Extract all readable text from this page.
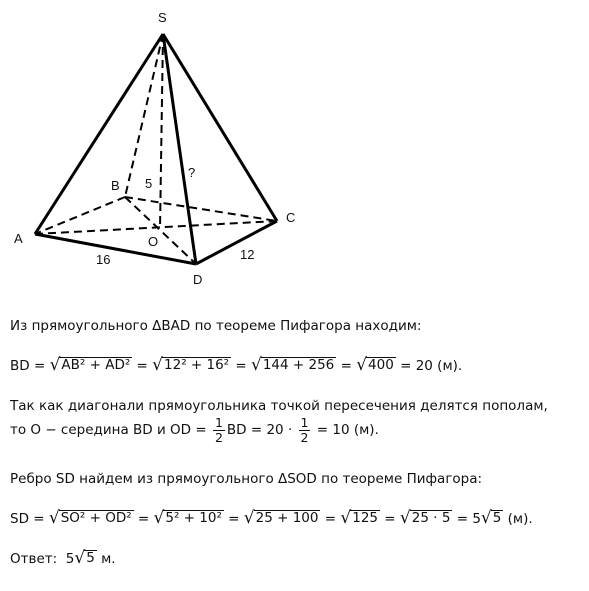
S
A
B
C
D
O
5
?
16	12
Из прямоугольного ΔBAD по теореме Пифагора находим:
BD = √ AB² + AD² = √ 12² + 16² = √ 144 + 256 = √ 400 = 20 (м).
Так как диагонали прямоугольника точкой пересечения делятся пополам,
то O − середина BD и OD = $\frac{1}{2}$ BD = $20 \cdot \frac{1}{2} = 10$ (м).
Ребро SD найдем из прямоугольного ΔSOD по теореме Пифагора:
SD = √ SO² + OD² = √ 5² + 10² = √ 25 + 100 = √ 125 = √ 25 · 5 = 5 √ 5 (м).
Ответ:  5 √ 5 м.
